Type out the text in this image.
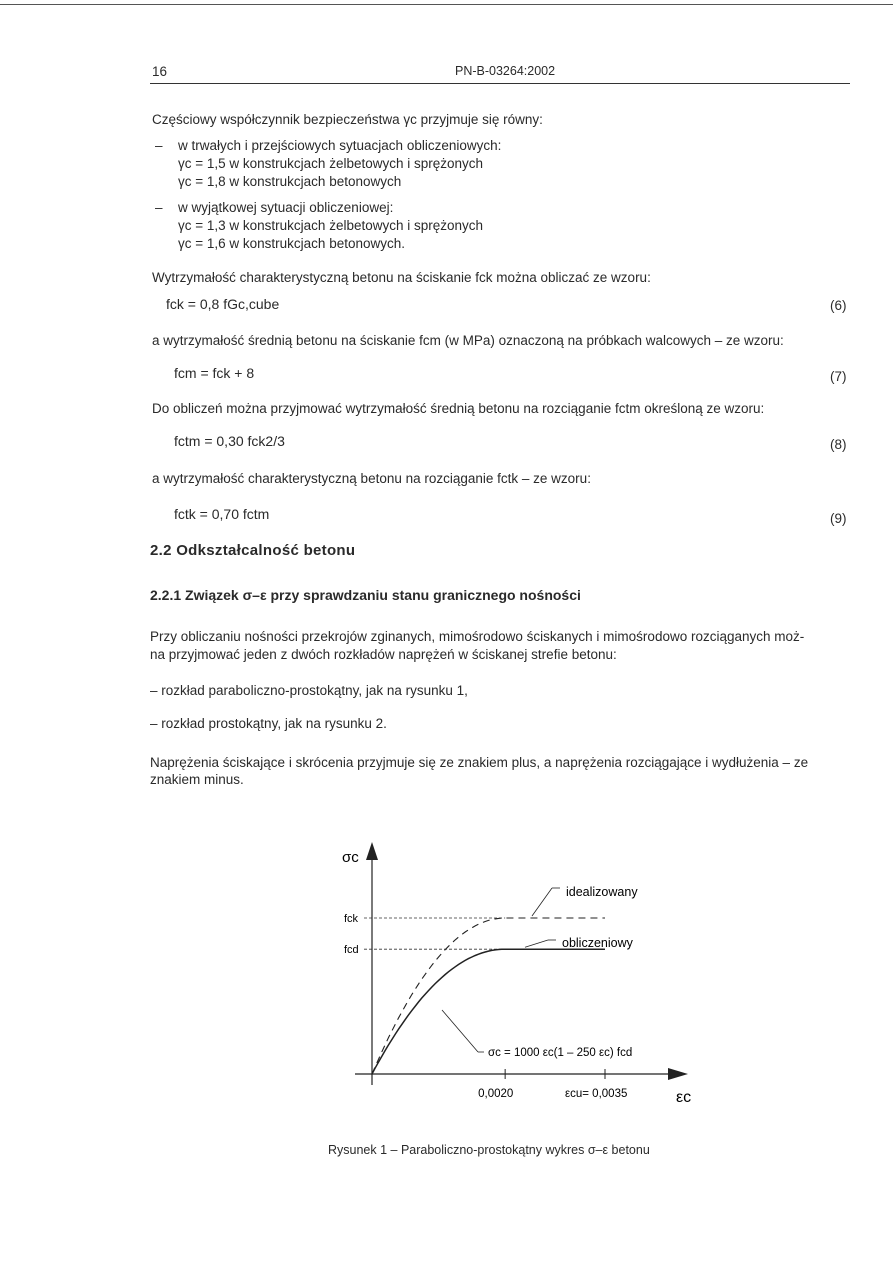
16	PN-B-03264:2002
Częściowy współczynnik bezpieczeństwa γc przyjmuje się równy:
– w trwałych i przejściowych sytuacjach obliczeniowych:
γc = 1,5 w konstrukcjach żelbetowych i sprężonych
γc = 1,8 w konstrukcjach betonowych
– w wyjątkowej sytuacji obliczeniowej:
γc = 1,3 w konstrukcjach żelbetowych i sprężonych
γc = 1,6 w konstrukcjach betonowych.
Wytrzymałość charakterystyczną betonu na ściskanie fck można obliczać ze wzoru:
fck = 0,8 fGc,cube	(6)
a wytrzymałość średnią betonu na ściskanie fcm (w MPa) oznaczoną na próbkach walcowych – ze wzoru:
fcm = fck + 8	(7)
Do obliczeń można przyjmować wytrzymałość średnią betonu na rozciąganie fctm określoną ze wzoru:
fctm = 0,30 fck2/3	(8)
a wytrzymałość charakterystyczną betonu na rozciąganie fctk – ze wzoru:
fctk = 0,70 fctm	(9)
2.2 Odkształcalność betonu
2.2.1 Związek σ–ε przy sprawdzaniu stanu granicznego nośności
Przy obliczaniu nośności przekrojów zginanych, mimośrodowo ściskanych i mimośrodowo rozciąganych moż-
na przyjmować jeden z dwóch rozkładów naprężeń w ściskanej strefie betonu:
– rozkład paraboliczno-prostokątny, jak na rysunku 1,
– rozkład prostokątny, jak na rysunku 2.
Naprężenia ściskające i skrócenia przyjmuje się ze znakiem plus, a naprężenia rozciągające i wydłużenia – ze
znakiem minus.
fck
fcd
σc
0,0020	εcu= 0,0035	εc
idealizowany
obliczeniowy
σc = 1000 εc(1 – 250 εc) fcd
Rysunek 1 – Paraboliczno-prostokątny wykres σ–ε betonu
